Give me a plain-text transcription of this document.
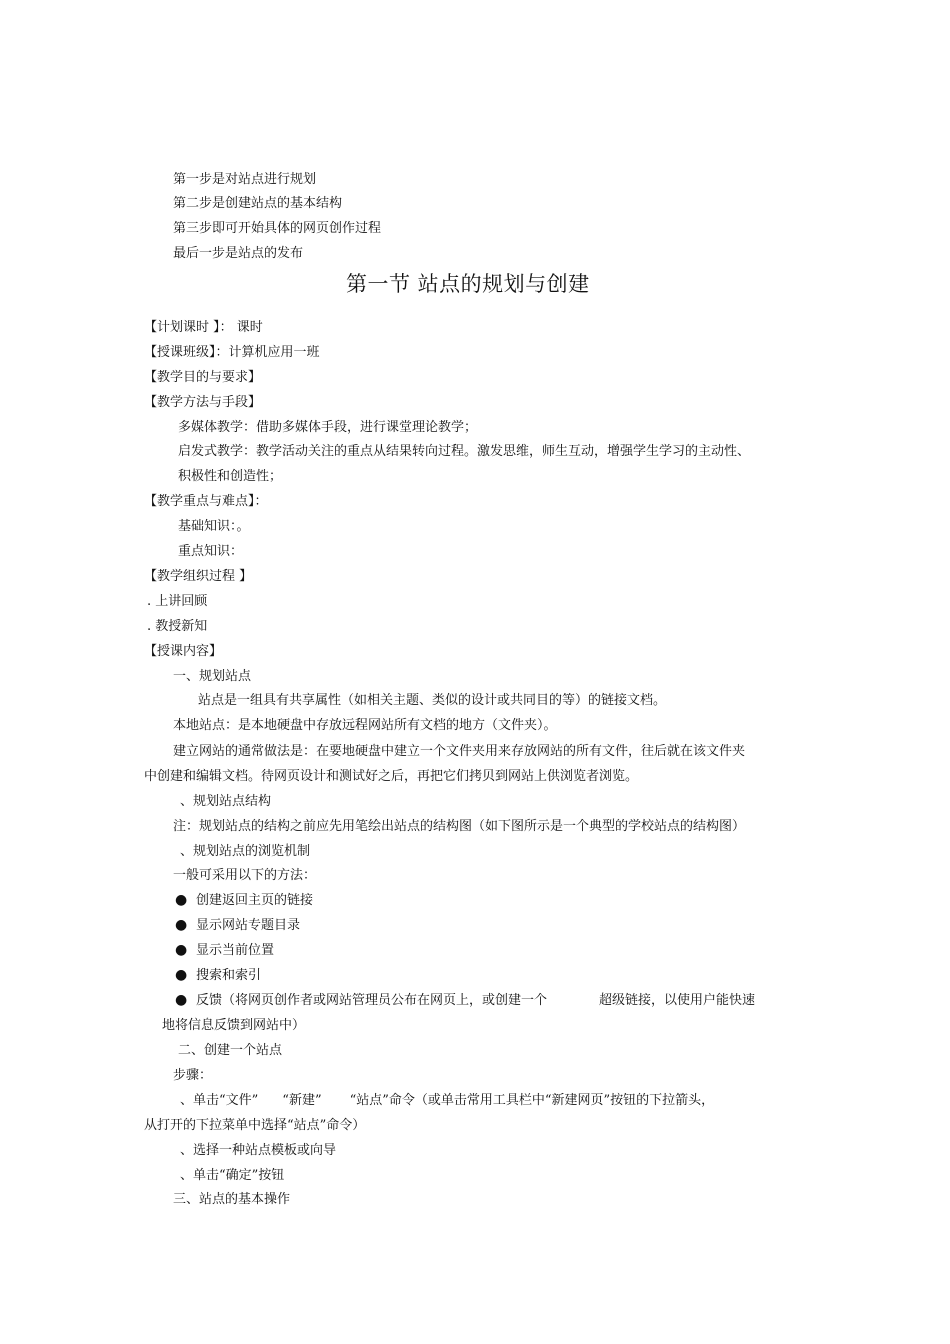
第一步是对站点进行规划
第二步是创建站点的基本结构
第三步即可开始具体的网页创作过程
最后一步是站点的发布
第一节 站点的规划与创建
【计划课时 】： 课时
【授课班级】：计算机应用一班
【教学目的与要求】
【教学方法与手段】
多媒体教学：借助多媒体手段，进行课堂理论教学；
启发式教学：教学活动关注的重点从结果转向过程。激发思维，师生互动，增强学生学习的主动性、
积极性和创造性；
【教学重点与难点】：
基础知识：。
重点知识：
【教学组织过程 】
. 上讲回顾
. 教授新知
【授课内容】
一、规划站点
站点是一组具有共享属性（如相关主题、类似的设计或共同目的等）的链接文档。
本地站点：是本地硬盘中存放远程网站所有文档的地方（文件夹）。
建立网站的通常做法是：在要地硬盘中建立一个文件夹用来存放网站的所有文件，往后就在该文件夹
中创建和编辑文档。待网页设计和测试好之后，再把它们拷贝到网站上供浏览者浏览。
、规划站点结构
注：规划站点的结构之前应先用笔绘出站点的结构图（如下图所示是一个典型的学校站点的结构图）
、规划站点的浏览机制
一般可采用以下的方法：
● 创建返回主页的链接
● 显示网站专题目录
● 显示当前位置
● 搜索和索引
● 反馈（将网页创作者或网站管理员公布在网页上，或创建一个	超级链接，以使用户能快速
地将信息反馈到网站中）
二、创建一个站点
步骤：
、单击“文件” “新建” “站点”命令（或单击常用工具栏中“新建网页”按钮的下拉箭头，
从打开的下拉菜单中选择“站点”命令）
、选择一种站点模板或向导
、单击“确定”按钮
三、站点的基本操作
